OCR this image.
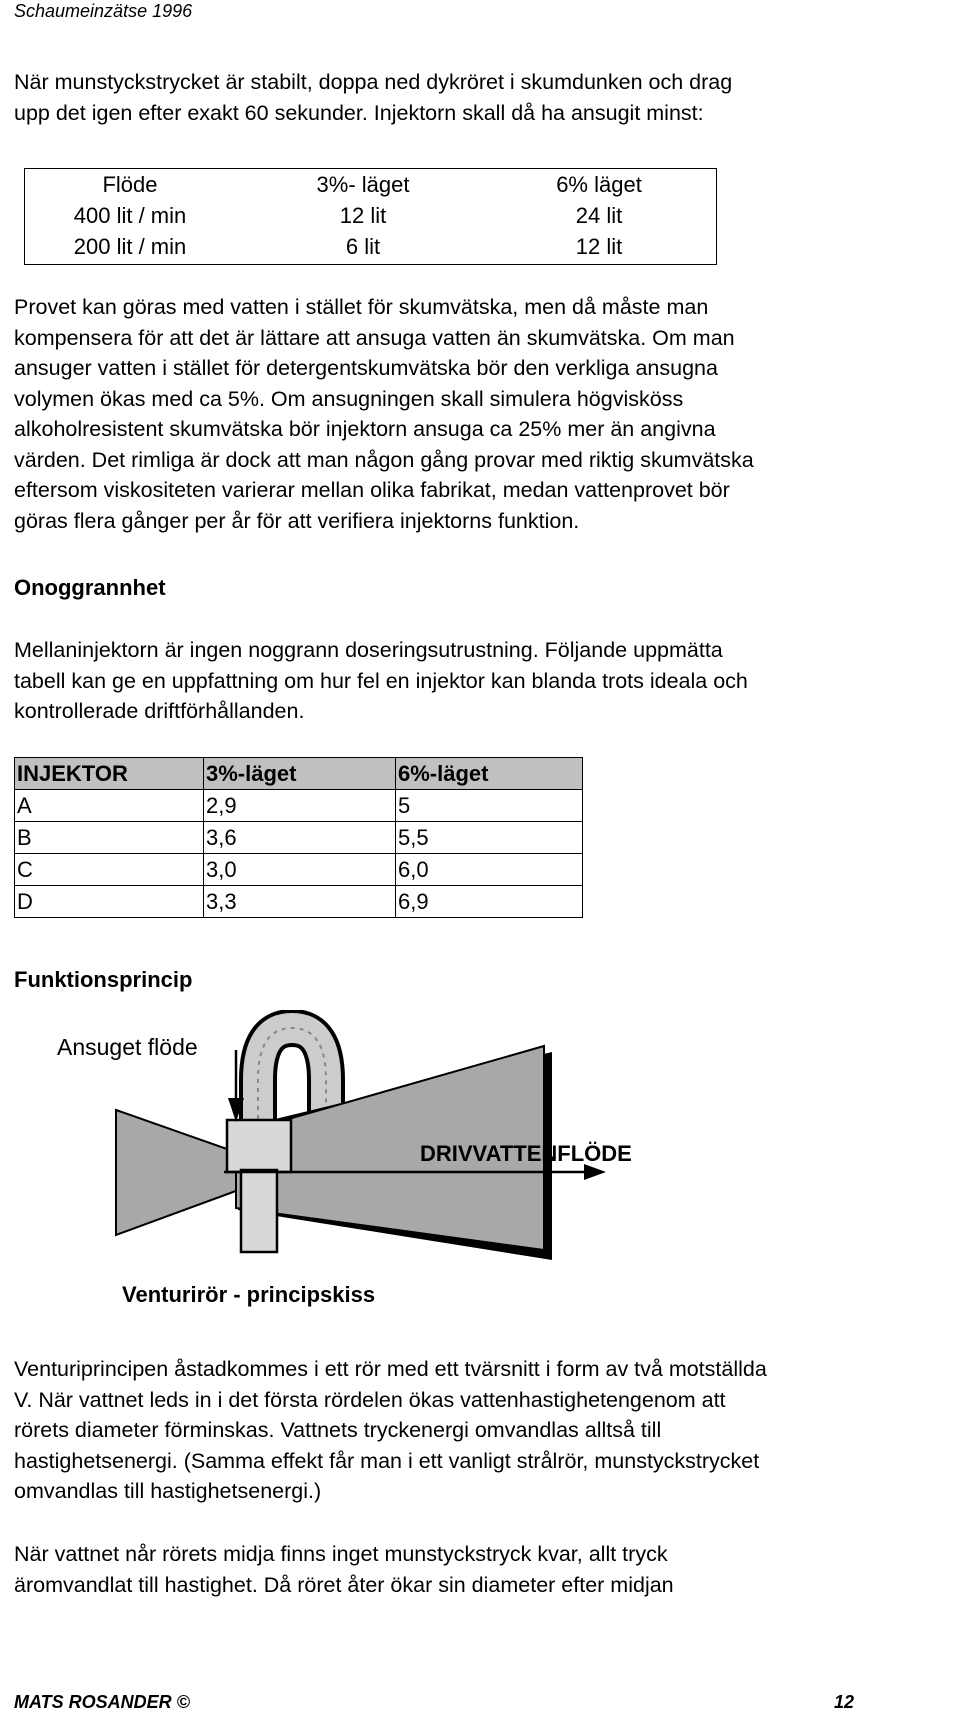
Schaumeinzätse 1996

När munstyckstrycket är stabilt, doppa ned dykröret i skumdunken och drag

upp det igen efter exakt 60 sekunder. Injektorn skall då ha ansugit minst:

Flöde	3%- läget	6% läget
400 lit / min	12 lit	24 lit
200 lit / min	6 lit	12 lit

Provet kan göras med vatten i stället för skumvätska, men då måste man

kompensera för att det är lättare att ansuga vatten än skumvätska. Om man

ansuger vatten i stället för detergentskumvätska bör den verkliga ansugna

volymen ökas med ca 5%. Om ansugningen skall simulera högvisköss

alkoholresistent skumvätska bör injektorn ansuga ca 25% mer än angivna

värden. Det rimliga är dock att man någon gång provar med riktig skumvätska

eftersom viskositeten varierar mellan olika fabrikat, medan vattenprovet bör

göras flera gånger per år för att verifiera injektorns funktion.

Onoggrannhet

Mellaninjektorn är ingen noggrann doseringsutrustning. Följande uppmätta

tabell kan ge en uppfattning om hur fel en injektor kan blanda trots ideala och

kontrollerade driftförhållanden.

INJEKTOR	3%-läget	6%-läget
A	2,9	5
B	3,6	5,5
C	3,0	6,0
D	3,3	6,9
Funktionsprincip
Ansuget flöde
DRIVVATTENFLÖDE
Venturirör - principskiss

Venturiprincipen åstadkommes i ett rör med ett tvärsnitt i form av två motställda

V. När vattnet leds in i det första rördelen ökas vattenhastighetengenom att

rörets diameter förminskas. Vattnets tryckenergi omvandlas alltså till

hastighetsenergi. (Samma effekt får man i ett vanligt strålrör, munstyckstrycket

omvandlas till hastighetsenergi.)

När vattnet når rörets midja finns inget munstyckstryck kvar, allt tryck

äromvandlat till hastighet. Då röret åter ökar sin diameter efter midjan

MATS ROSANDER ©	12
